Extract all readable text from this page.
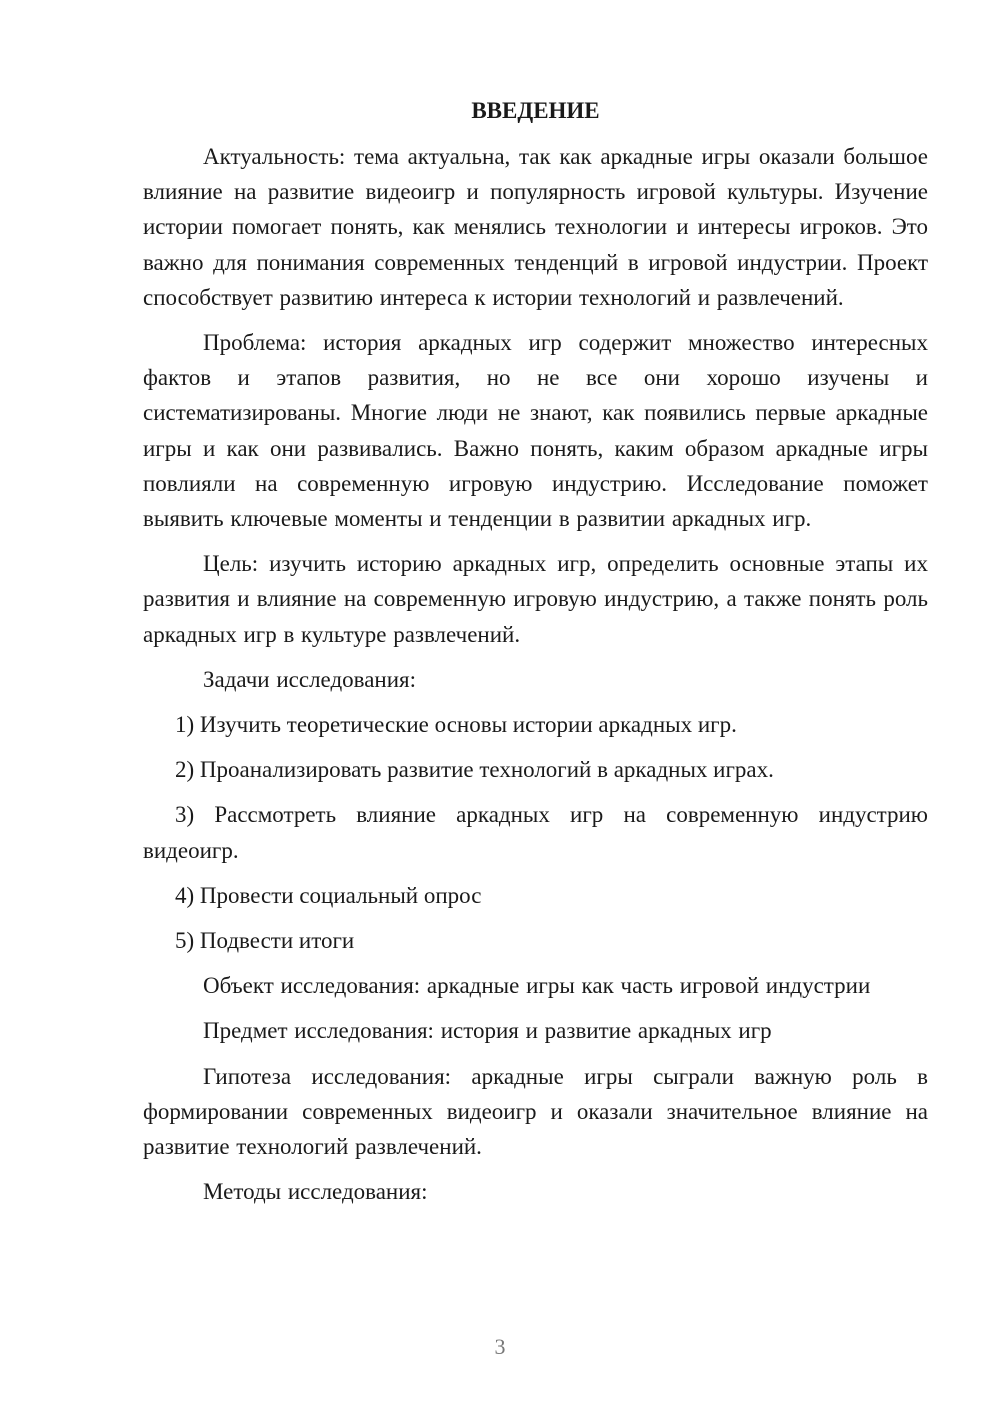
ВВЕДЕНИЕ

Актуальность: тема актуальна, так как аркадные игры оказали большое влияние на развитие видеоигр и популярность игровой культуры. Изучение истории помогает понять, как менялись технологии и интересы игроков. Это важно для понимания современных тенденций в игровой индустрии. Проект способствует развитию интереса к истории технологий и развлечений.

Проблема: история аркадных игр содержит множество интересных фактов и этапов развития, но не все они хорошо изучены и систематизированы. Многие люди не знают, как появились первые аркадные игры и как они развивались. Важно понять, каким образом аркадные игры повлияли на современную игровую индустрию. Исследование поможет выявить ключевые моменты и тенденции в развитии аркадных игр.

Цель: изучить историю аркадных игр, определить основные этапы их развития и влияние на современную игровую индустрию, а также понять роль аркадных игр в культуре развлечений.

Задачи исследования:

1) Изучить теоретические основы истории аркадных игр.

2) Проанализировать развитие технологий в аркадных играх.

3) Рассмотреть влияние аркадных игр на современную индустрию видеоигр.

4) Провести социальный опрос

5) Подвести итоги

Объект исследования: аркадные игры как часть игровой индустрии

Предмет исследования: история и развитие аркадных игр

Гипотеза исследования: аркадные игры сыграли важную роль в формировании современных видеоигр и оказали значительное влияние на развитие технологий развлечений.

Методы исследования:

3
